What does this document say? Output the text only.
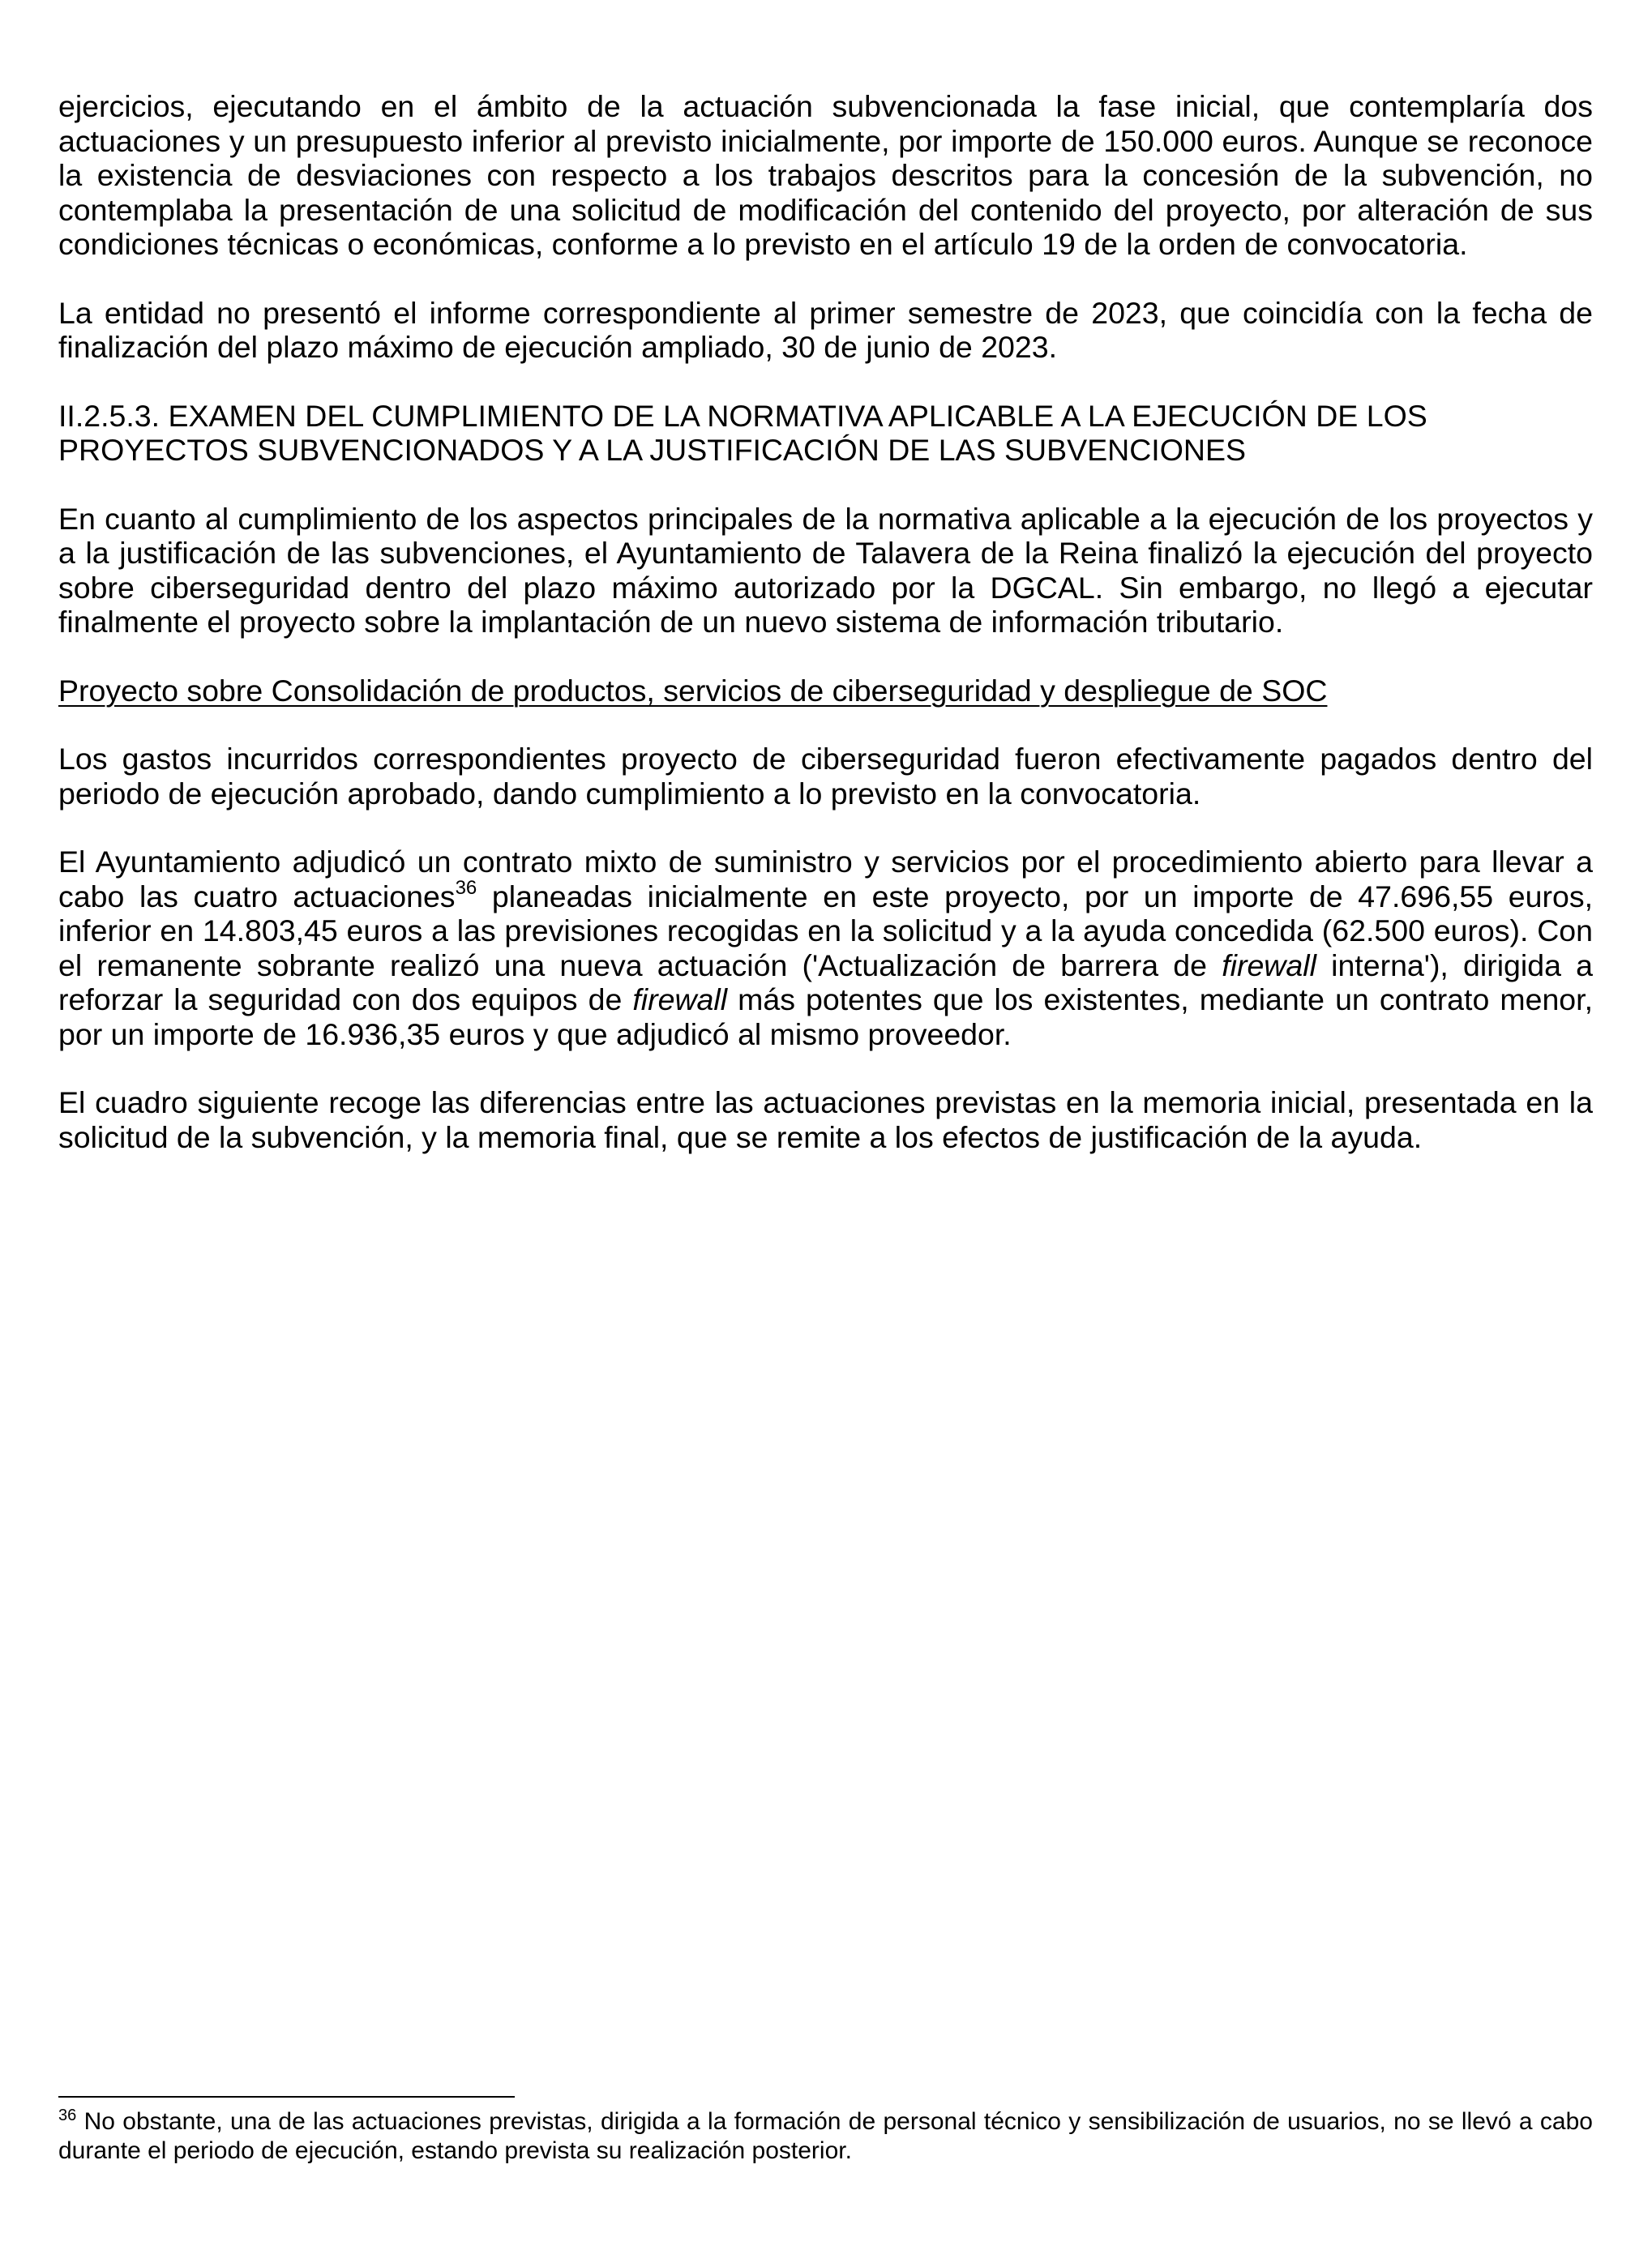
ejercicios, ejecutando en el ámbito de la actuación subvencionada la fase inicial, que contemplaría dos actuaciones y un presupuesto inferior al previsto inicialmente, por importe de 150.000 euros. Aunque se reconoce la existencia de desviaciones con respecto a los trabajos descritos para la concesión de la subvención, no contemplaba la presentación de una solicitud de modificación del contenido del proyecto, por alteración de sus condiciones técnicas o económicas, conforme a lo previsto en el artículo 19 de la orden de convocatoria.

La entidad no presentó el informe correspondiente al primer semestre de 2023, que coincidía con la fecha de finalización del plazo máximo de ejecución ampliado, 30 de junio de 2023.

II.2.5.3. EXAMEN DEL CUMPLIMIENTO DE LA NORMATIVA APLICABLE A LA EJECUCIÓN DE LOS PROYECTOS SUBVENCIONADOS Y A LA JUSTIFICACIÓN DE LAS SUBVENCIONES

En cuanto al cumplimiento de los aspectos principales de la normativa aplicable a la ejecución de los proyectos y a la justificación de las subvenciones, el Ayuntamiento de Talavera de la Reina finalizó la ejecución del proyecto sobre ciberseguridad dentro del plazo máximo autorizado por la DGCAL. Sin embargo, no llegó a ejecutar finalmente el proyecto sobre la implantación de un nuevo sistema de información tributario.

Proyecto sobre Consolidación de productos, servicios de ciberseguridad y despliegue de SOC

Los gastos incurridos correspondientes proyecto de ciberseguridad fueron efectivamente pagados dentro del periodo de ejecución aprobado, dando cumplimiento a lo previsto en la convocatoria.

El Ayuntamiento adjudicó un contrato mixto de suministro y servicios por el procedimiento abierto para llevar a cabo las cuatro actuaciones$^{36}$ planeadas inicialmente en este proyecto, por un importe de 47.696,55 euros, inferior en 14.803,45 euros a las previsiones recogidas en la solicitud y a la ayuda concedida (62.500 euros). Con el remanente sobrante realizó una nueva actuación ('Actualización de barrera de firewall interna'), dirigida a reforzar la seguridad con dos equipos de firewall más potentes que los existentes, mediante un contrato menor, por un importe de 16.936,35 euros y que adjudicó al mismo proveedor.

El cuadro siguiente recoge las diferencias entre las actuaciones previstas en la memoria inicial, presentada en la solicitud de la subvención, y la memoria final, que se remite a los efectos de justificación de la ayuda.

$^{36}$ No obstante, una de las actuaciones previstas, dirigida a la formación de personal técnico y sensibilización de usuarios, no se llevó a cabo durante el periodo de ejecución, estando prevista su realización posterior.
